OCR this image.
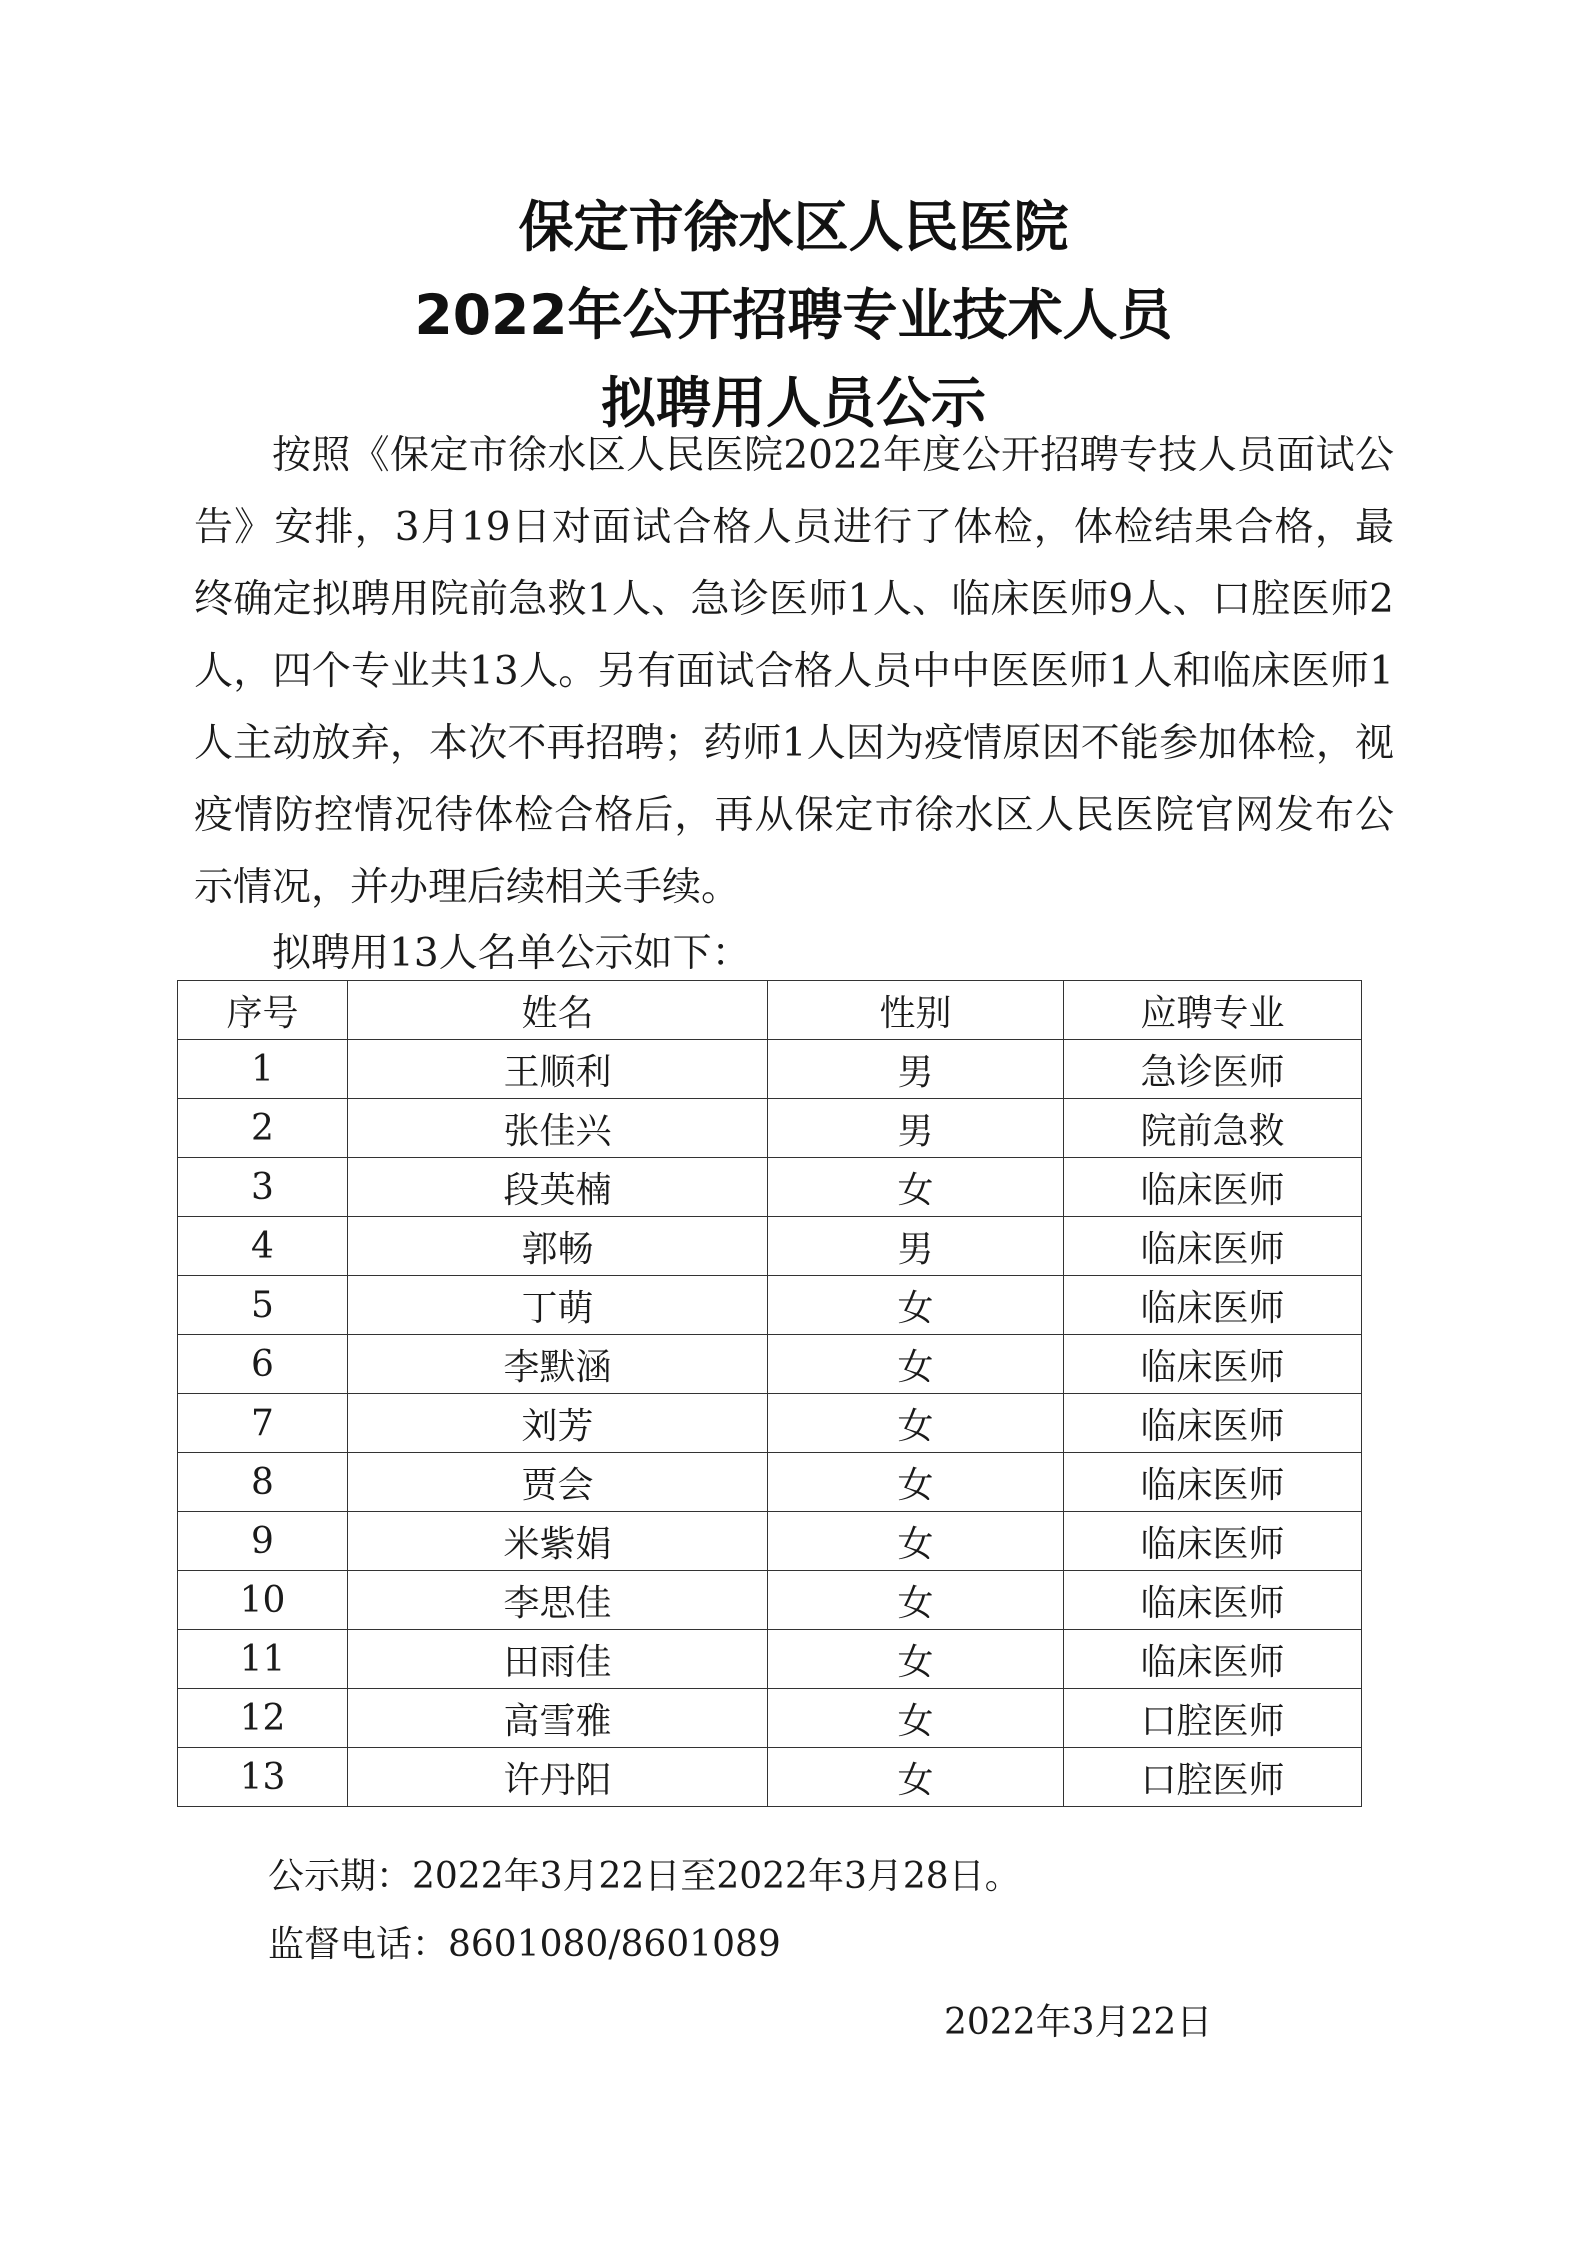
保定市徐水区人民医院
2022年公开招聘专业技术人员
拟聘用人员公示

按照《保定市徐水区人民医院2022年度公开招聘专技人员面试公告》安排，3月19日对面试合格人员进行了体检，体检结果合格，最终确定拟聘用院前急救1人、急诊医师1人、临床医师9人、口腔医师2人，四个专业共13人。另有面试合格人员中中医医师1人和临床医师1人主动放弃，本次不再招聘；药师1人因为疫情原因不能参加体检，视疫情防控情况待体检合格后，再从保定市徐水区人民医院官网发布公示情况，并办理后续相关手续。

拟聘用13人名单公示如下：
序号	姓名	性别	应聘专业
1	王顺利	男	急诊医师
2	张佳兴	男	院前急救
3	段英楠	女	临床医师
4	郭畅	男	临床医师
5	丁萌	女	临床医师
6	李默涵	女	临床医师
7	刘芳	女	临床医师
8	贾会	女	临床医师
9	米紫娟	女	临床医师
10	李思佳	女	临床医师
11	田雨佳	女	临床医师
12	高雪雅	女	口腔医师
13	许丹阳	女	口腔医师
公示期：2022年3月22日至2022年3月28日。
监督电话：8601080/8601089
2022年3月22日
